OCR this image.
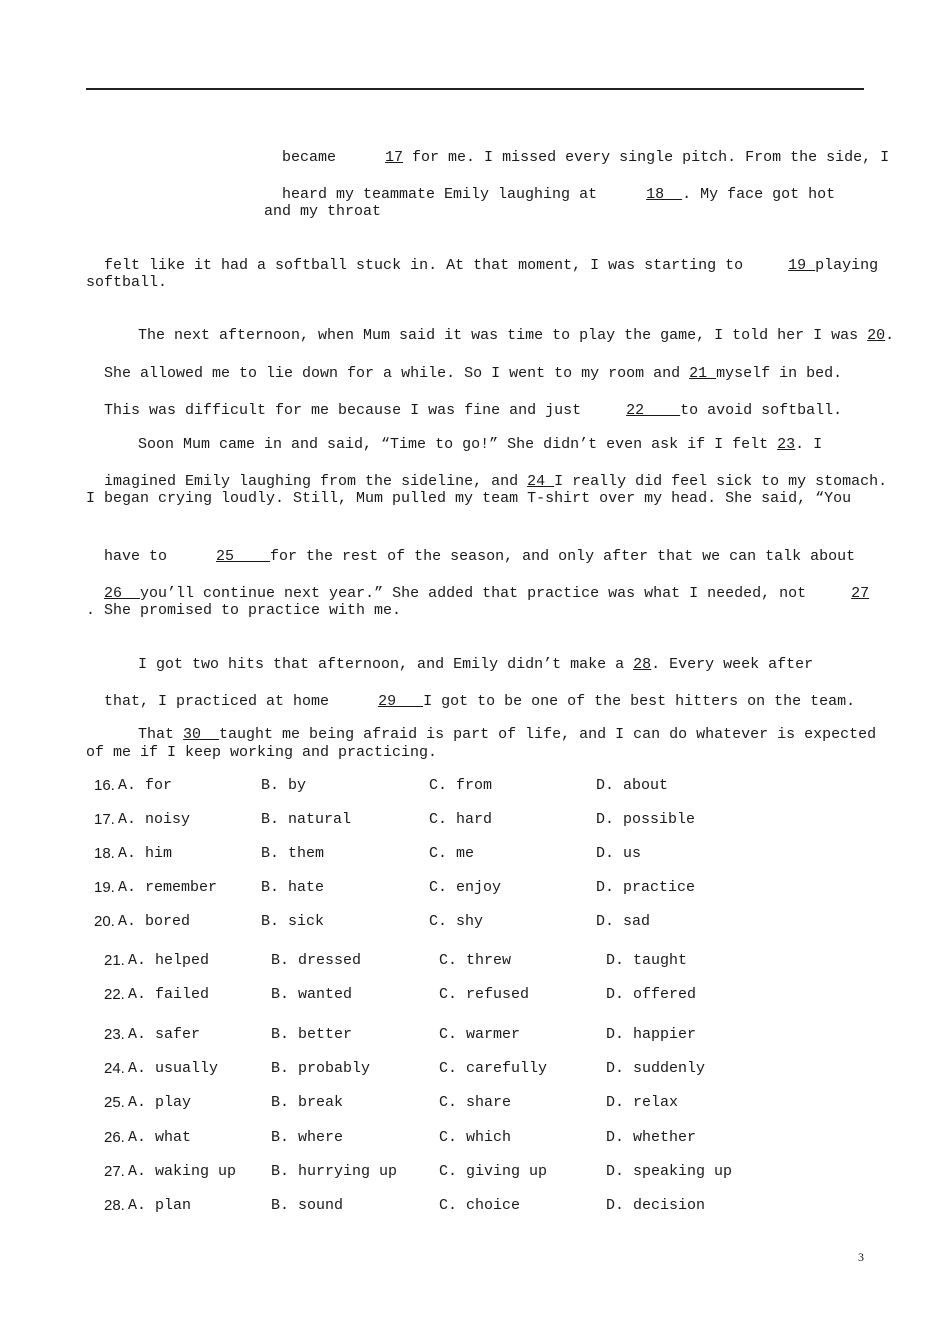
became	17 for me. I missed every single pitch. From the side, I

heard my teammate Emily laughing at	18  . My face got hot

and my throat

felt like it had a softball stuck in. At that moment, I was starting to 19 playing

softball.

The next afternoon, when Mum said it was time to play the game, I told her I was 20.

She allowed me to lie down for a while. So I went to my room and 21 myself in bed.

This was difficult for me because I was fine and just 22    to avoid softball.

Soon Mum came in and said, “Time to go!” She didn’t even ask if I felt 23. I

imagined Emily laughing from the sideline, and 24 I really did feel sick to my stomach.

I began crying loudly. Still, Mum pulled my team T-shirt over my head. She said, “You

have to	25    for the rest of the season, and only after that we can talk about

26  you’ll continue next year.” She added that practice was what I needed, not 27

. She promised to practice with me.

I got two hits that afternoon, and Emily didn’t make a 28. Every week after

that, I practiced at home	29   I got to be one of the best hitters on the team.

That 30  taught me being afraid is part of life, and I can do whatever is expected

of me if I keep working and practicing.
16. A. for	B. by	C. from	D. about
17. A. noisy	B. natural	C. hard	D. possible
18. A. him	B. them	C. me	D. us
19. A. remember	B. hate	C. enjoy	D. practice
20. A. bored	B. sick	C. shy	D. sad
21. A. helped	B. dressed	C. threw	D. taught
22. A. failed	B. wanted	C. refused	D. offered
23. A. safer	B. better	C. warmer	D. happier
24. A. usually	B. probably	C. carefully	D. suddenly
25. A. play	B. break	C. share	D. relax
26. A. what	B. where	C. which	D. whether
27. A. waking up B. hurrying up	C. giving up	D. speaking up
28. A. plan	B. sound	C. choice	D. decision
3
